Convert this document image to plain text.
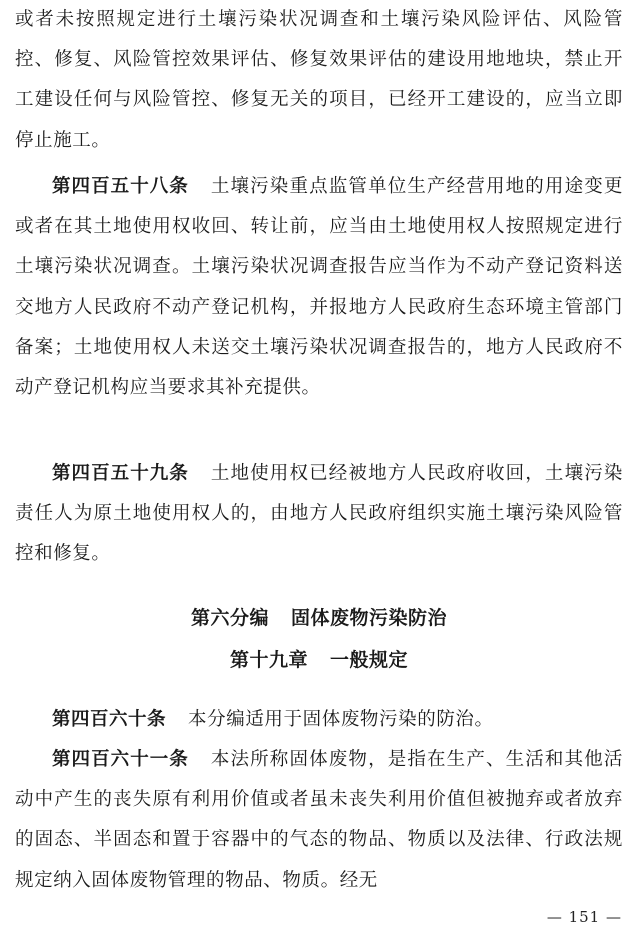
或者未按照规定进行土壤污染状况调查和土壤污染风险评估、风险管控、修复、风险管控效果评估、修复效果评估的建设用地地块，禁止开工建设任何与风险管控、修复无关的项目，已经开工建设的，应当立即停止施工。

第四百五十八条 土壤污染重点监管单位生产经营用地的用途变更或者在其土地使用权收回、转让前，应当由土地使用权人按照规定进行土壤污染状况调查。土壤污染状况调查报告应当作为不动产登记资料送交地方人民政府不动产登记机构，并报地方人民政府生态环境主管部门备案；土地使用权人未送交土壤污染状况调查报告的，地方人民政府不动产登记机构应当要求其补充提供。

第四百五十九条 土地使用权已经被地方人民政府收回，土壤污染责任人为原土地使用权人的，由地方人民政府组织实施土壤污染风险管控和修复。

第六分编 固体废物污染防治
第十九章 一般规定

第四百六十条 本分编适用于固体废物污染的防治。

第四百六十一条 本法所称固体废物，是指在生产、生活和其他活动中产生的丧失原有利用价值或者虽未丧失利用价值但被抛弃或者放弃的固态、半固态和置于容器中的气态的物品、物质以及法律、行政法规规定纳入固体废物管理的物品、物质。经无

— 151 —
